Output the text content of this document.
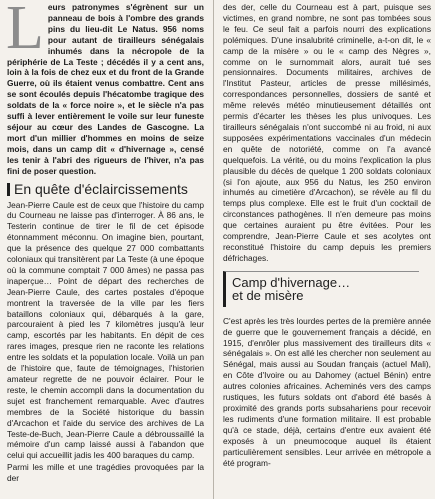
L eurs patronymes s'égrènent sur un panneau de bois à l'ombre des grands pins du lieu-dit Le Natus. 956 noms pour autant de tirailleurs sénégalais inhumés dans la nécropole de la périphérie de La Teste ; décédés il y a cent ans, loin à la fois de chez eux et du front de la Grande Guerre, où ils étaient venus combattre. Cent ans se sont écoulés depuis l'hécatombe tragique des soldats de la « force noire », et le siècle n'a pas suffi à lever entièrement le voile sur leur funeste séjour au cœur des Landes de Gascogne. La mort d'un millier d'hommes en moins de seize mois, dans un camp dit « d'hivernage », censé les tenir à l'abri des rigueurs de l'hiver, n'a pas fini de poser question.

En quête d'éclaircissements

Jean-Pierre Caule est de ceux que l'histoire du camp du Courneau ne laisse pas d'interroger. À 86 ans, le Testerin continue de tirer le fil de cet épisode étonnamment méconnu. On imagine bien, pourtant, que la présence des quelque 27 000 combattants coloniaux qui transitèrent par La Teste (à une époque où la commune comptait 7 000 âmes) ne passa pas inaperçue… Point de départ des recherches de Jean-Pierre Caule, des cartes postales d'époque montrent la traversée de la ville par les fiers bataillons coloniaux qui, débarqués à la gare, parcouraient à pied les 7 kilomètres jusqu'à leur camp, escortés par les habitants. En dépit de ces rares images, presque rien ne raconte les relations entre les soldats et la population locale. Voilà un pan de l'histoire que, faute de témoignages, l'historien amateur regrette de ne pouvoir éclairer. Pour le reste, le chemin accompli dans la documentation du sujet est franchement remarquable. Avec d'autres membres de la Société historique du bassin d'Arcachon et l'aide du service des archives de La Teste-de-Buch, Jean-Pierre Caule a débroussaillé la mémoire d'un camp laissé aussi à l'abandon que celui qui accueillit jadis les 400 baraques du camp.

Parmi les mille et une tragédies provoquées par la der

des der, celle du Courneau est à part, puisque ses victimes, en grand nombre, ne sont pas tombées sous le feu. Ce seul fait a parfois nourri des explications polémiques. D'une insalubrité criminelle, a-t-on dit, le « camp de la misère » ou le « camp des Nègres », comme on le surnommait alors, aurait tué ses pensionnaires. Documents militaires, archives de l'Institut Pasteur, articles de presse millésimés, correspondances personnelles, dossiers de santé et même relevés météo minutieusement détaillés ont permis d'écarter les thèses les plus univoques. Les tirailleurs sénégalais n'ont succombé ni au froid, ni aux supposées expérimentations vaccinales d'un médecin en quête de notoriété, comme on l'a avancé quelquefois. La vérité, ou du moins l'explication la plus plausible du décès de quelque 1 200 soldats coloniaux (si l'on ajoute, aux 956 du Natus, les 250 environ inhumés au cimetière d'Arcachon), se révèle au fil du temps plus complexe. Elle est le fruit d'un cocktail de circonstances pathogènes. Il n'en demeure pas moins que certaines auraient pu être évitées. Pour les comprendre, Jean-Pierre Caule et ses acolytes ont reconstitué l'histoire du camp depuis les premiers défrichages.

Camp d'hivernage…
et de misère

C'est après les très lourdes pertes de la première année de guerre que le gouvernement français a décidé, en 1915, d'enrôler plus massivement des tirailleurs dits « sénégalais ». On est allé les chercher non seulement au Sénégal, mais aussi au Soudan français (actuel Mali), en Côte d'Ivoire ou au Dahomey (actuel Bénin) entre autres colonies africaines. Acheminés vers des camps rustiques, les futurs soldats ont d'abord été basés à proximité des grands ports subsahariens pour recevoir les rudiments d'une formation militaire. Il est probable qu'à ce stade, déjà, certains d'entre eux avaient été exposés à un pneumocoque auquel ils étaient particulièrement sensibles. Leur arrivée en métropole a été program-
